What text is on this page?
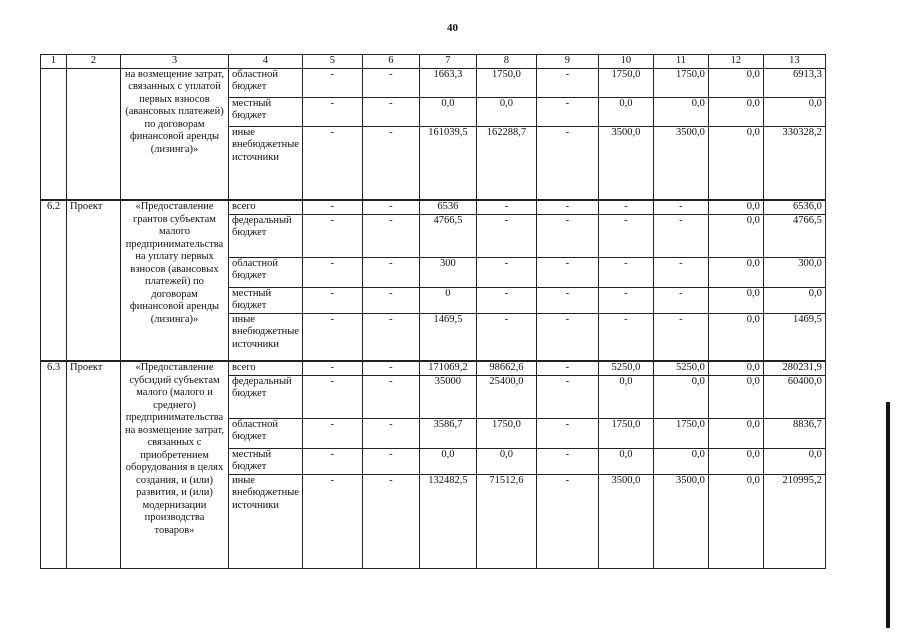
40
1	2	3	4	5	6	7	8	9	10	11	12	13
		на возмещение затрат, связанных с уплатой первых взносов (авансовых платежей) по договорам финансовой аренды (лизинга)»	областной бюджет	-	-	1663,3	1750,0	-	1750,0	1750,0	0,0	6913,3
			местный бюджет	-	-	0,0	0,0	-	0,0	0,0	0,0	0,0
			иные внебюджетные источники	-	-	161039,5	162288,7	-	3500,0	3500,0	0,0	330328,2
6.2	Проект	«Предоставление грантов субъектам малого предпринимательства на уплату первых взносов (авансовых платежей) по договорам финансовой аренды (лизинга)»	всего	-	-	6536	-	-	-	-	0,0	6536,0
			федеральный бюджет	-	-	4766,5	-	-	-	-	0,0	4766,5
			областной бюджет	-	-	300	-	-	-	-	0,0	300,0
			местный бюджет	-	-	0	-	-	-	-	0,0	0,0
			иные внебюджетные источники	-	-	1469,5	-	-	-	-	0,0	1469,5
6.3	Проект	«Предоставление субсидий субъектам малого (малого и среднего) предпринимательства на возмещение затрат, связанных с приобретением оборудования в целях создания, и (или) развития, и (или) модернизации производства товаров»	всего	-	-	171069,2	98662,6	-	5250,0	5250,0	0,0	280231,9
			федеральный бюджет	-	-	35000	25400,0	-	0,0	0,0	0,0	60400,0
			областной бюджет	-	-	3586,7	1750,0	-	1750,0	1750,0	0,0	8836,7
			местный бюджет	-	-	0,0	0,0	-	0,0	0,0	0,0	0,0
			иные внебюджетные источники	-	-	132482,5	71512,6	-	3500,0	3500,0	0,0	210995,2
